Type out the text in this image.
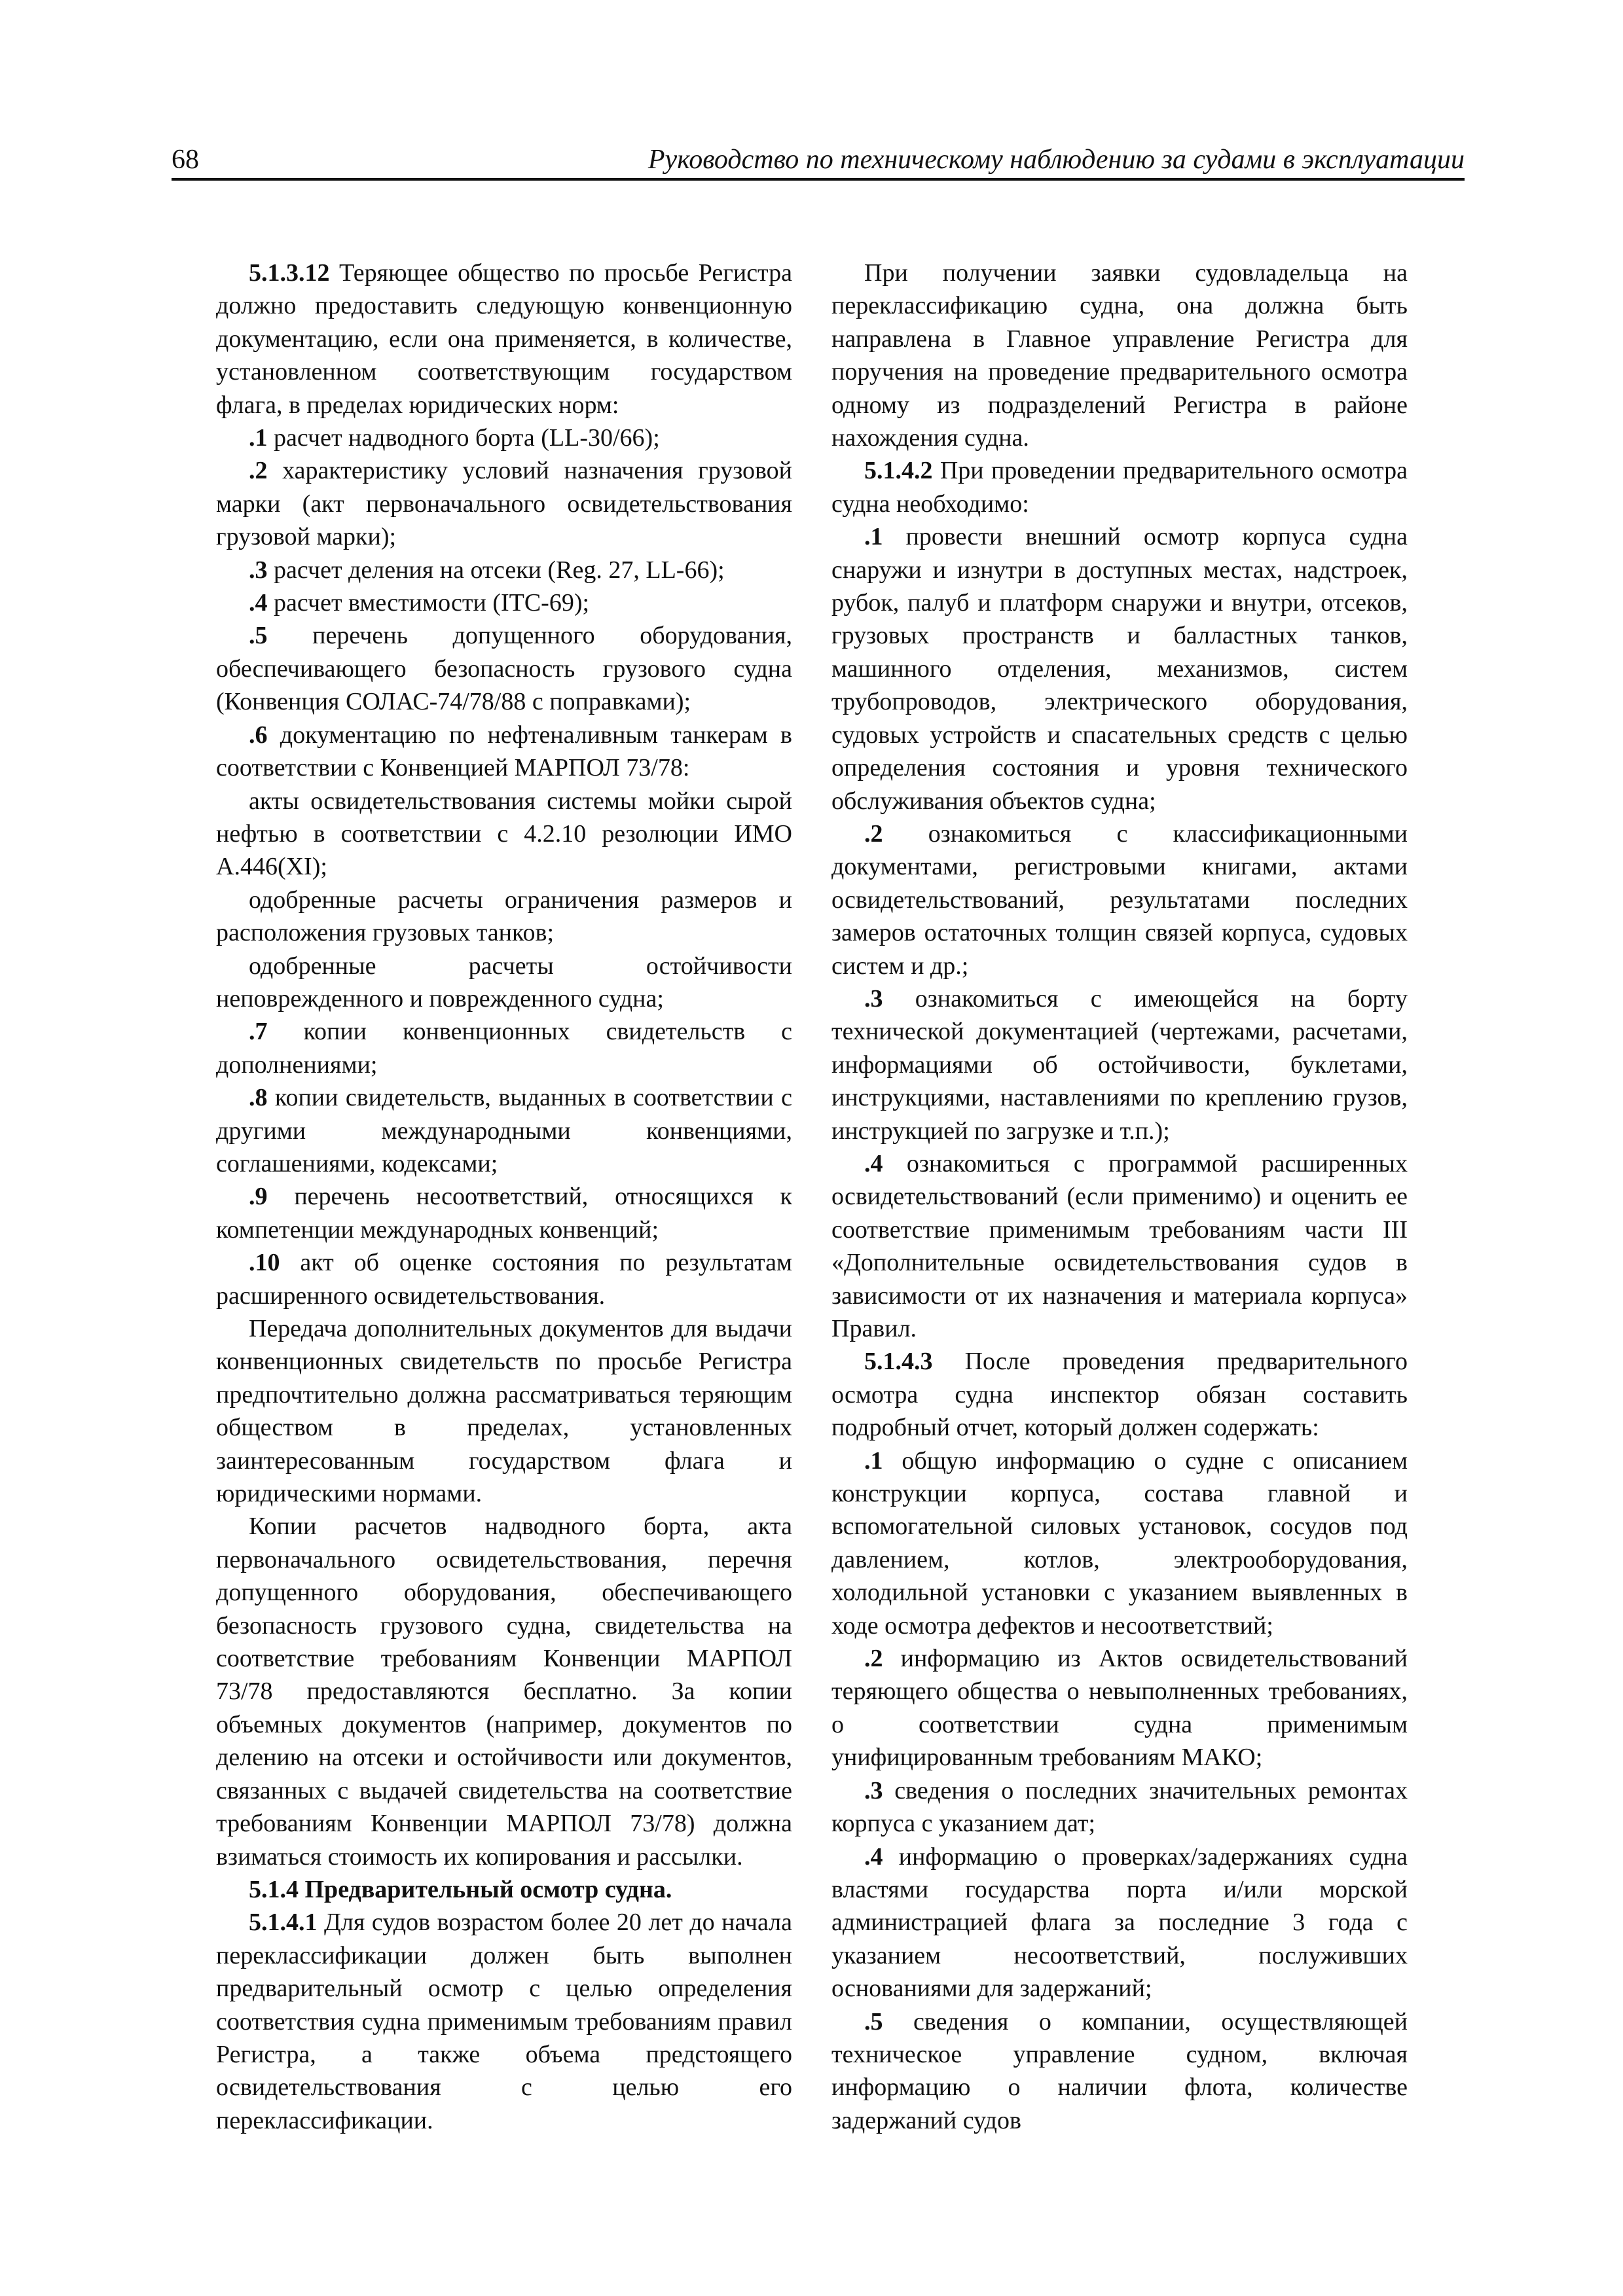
68	Руководство по техническому наблюдению за судами в эксплуатации

5.1.3.12 Теряющее общество по просьбе Регистра должно предоставить следующую конвенционную документацию, если она применяется, в количестве, установленном соответствующим государством флага, в пределах юридических норм:

.1 расчет надводного борта (LL-30/66);

.2 характеристику условий назначения грузовой марки (акт первоначального освидетельствования грузовой марки);

.3 расчет деления на отсеки (Reg. 27, LL-66);

.4 расчет вместимости (ITC-69);

.5 перечень допущенного оборудования, обеспечивающего безопасность грузового судна (Конвенция СОЛАС-74/78/88 с поправками);

.6 документацию по нефтеналивным танкерам в соответствии с Конвенцией МАРПОЛ 73/78:

акты освидетельствования системы мойки сырой нефтью в соответствии с 4.2.10 резолюции ИМО A.446(XI);

одобренные расчеты ограничения размеров и расположения грузовых танков;

одобренные расчеты остойчивости неповрежденного и поврежденного судна;

.7 копии конвенционных свидетельств с дополнениями;

.8 копии свидетельств, выданных в соответствии с другими международными конвенциями, соглашениями, кодексами;

.9 перечень несоответствий, относящихся к компетенции международных конвенций;

.10 акт об оценке состояния по результатам расширенного освидетельствования.

Передача дополнительных документов для выдачи конвенционных свидетельств по просьбе Регистра предпочтительно должна рассматриваться теряющим обществом в пределах, установленных заинтересованным государством флага и юридическими нормами.

Копии расчетов надводного борта, акта первоначального освидетельствования, перечня допущенного оборудования, обеспечивающего безопасность грузового судна, свидетельства на соответствие требованиям Конвенции МАРПОЛ 73/78 предоставляются бесплатно. За копии объемных документов (например, документов по делению на отсеки и остойчивости или документов, связанных с выдачей свидетельства на соответствие требованиям Конвенции МАРПОЛ 73/78) должна взиматься стоимость их копирования и рассылки.

5.1.4 Предварительный осмотр судна.

5.1.4.1 Для судов возрастом более 20 лет до начала переклассификации должен быть выполнен предварительный осмотр с целью определения соответствия судна применимым требованиям правил Регистра, а также объема предстоящего освидетельствования с целью его переклассификации.

При получении заявки судовладельца на переклассификацию судна, она должна быть направлена в Главное управление Регистра для поручения на проведение предварительного осмотра одному из подразделений Регистра в районе нахождения судна.

5.1.4.2 При проведении предварительного осмотра судна необходимо:

.1 провести внешний осмотр корпуса судна снаружи и изнутри в доступных местах, надстроек, рубок, палуб и платформ снаружи и внутри, отсеков, грузовых пространств и балластных танков, машинного отделения, механизмов, систем трубопроводов, электрического оборудования, судовых устройств и спасательных средств с целью определения состояния и уровня технического обслуживания объектов судна;

.2 ознакомиться с классификационными документами, регистровыми книгами, актами освидетельствований, результатами последних замеров остаточных толщин связей корпуса, судовых систем и др.;

.3 ознакомиться с имеющейся на борту технической документацией (чертежами, расчетами, информациями об остойчивости, буклетами, инструкциями, наставлениями по креплению грузов, инструкцией по загрузке и т.п.);

.4 ознакомиться с программой расширенных освидетельствований (если применимо) и оценить ее соответствие применимым требованиям части III «Дополнительные освидетельствования судов в зависимости от их назначения и материала корпуса» Правил.

5.1.4.3 После проведения предварительного осмотра судна инспектор обязан составить подробный отчет, который должен содержать:

.1 общую информацию о судне с описанием конструкции корпуса, состава главной и вспомогательной силовых установок, сосудов под давлением, котлов, электрооборудования, холодильной установки с указанием выявленных в ходе осмотра дефектов и несоответствий;

.2 информацию из Актов освидетельствований теряющего общества о невыполненных требованиях, о соответствии судна применимым унифицированным требованиям МАКО;

.3 сведения о последних значительных ремонтах корпуса с указанием дат;

.4 информацию о проверках/задержаниях судна властями государства порта и/или морской администрацией флага за последние 3 года с указанием несоответствий, послуживших основаниями для задержаний;

.5 сведения о компании, осуществляющей техническое управление судном, включая информацию о наличии флота, количестве задержаний судов
